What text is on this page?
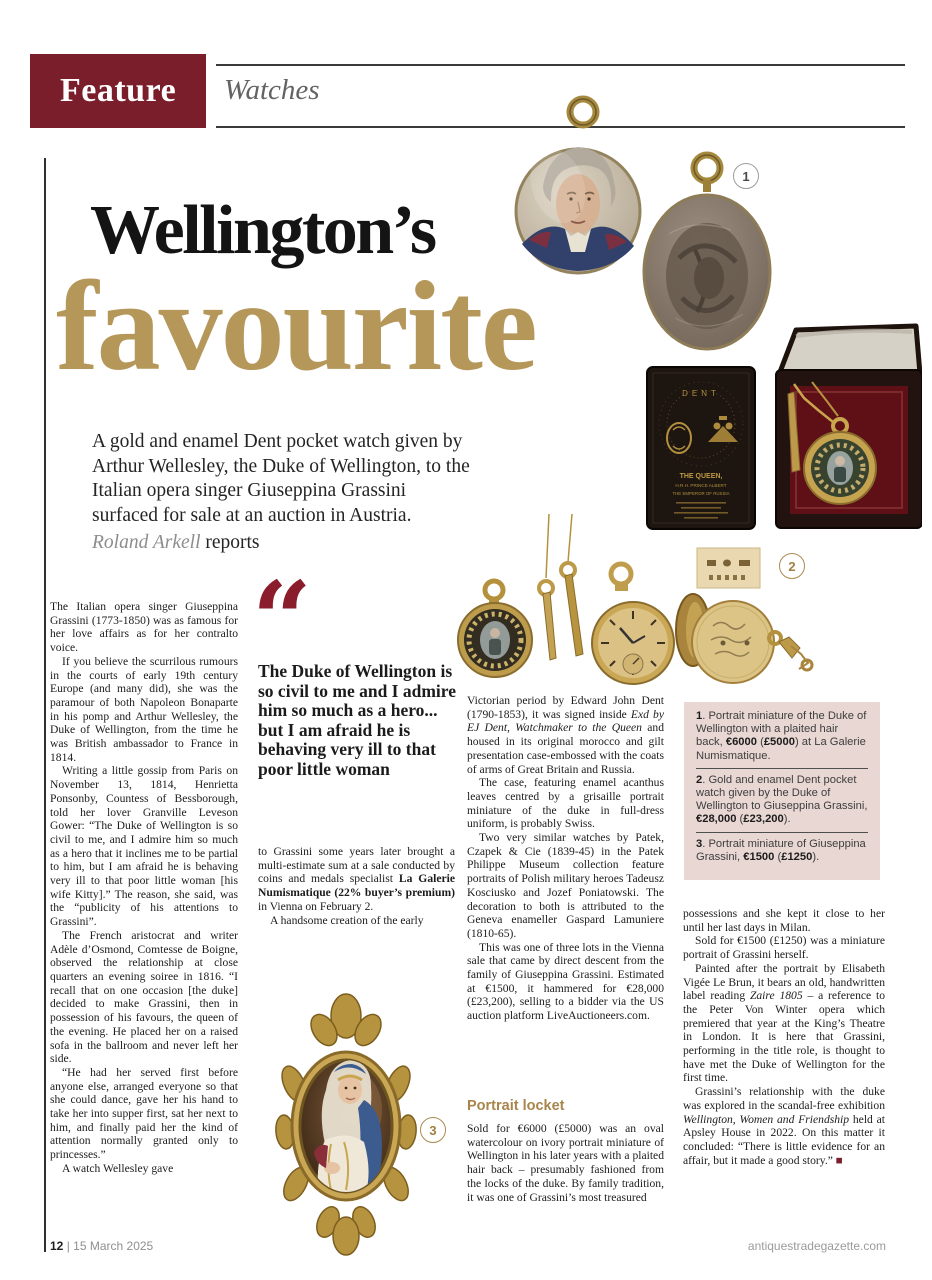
Feature	Watches
Wellington’s
favourite
A gold and enamel Dent pocket watch given by Arthur Wellesley, the Duke of Wellington, to the Italian opera singer Giuseppina Grassini surfaced for sale at an auction in Austria.
Roland Arkell reports
DENT
THE QUEEN,
H.R.H. PRINCE ALBERT
THE EMPEROR OF RUSSIA
1
2
3
“
The Duke of Wellington is so civil to me and I admire him so much as a hero... but I am afraid he is behaving very ill to that poor little woman

The Italian opera singer Giuseppina Grassini (1773-1850) was as famous for her love affairs as for her contralto voice.

If you believe the scurrilous rumours in the courts of early 19th century Europe (and many did), she was the paramour of both Napoleon Bonaparte in his pomp and Arthur Wellesley, the Duke of Wellington, from the time he was British ambassador to France in 1814.

Writing a little gossip from Paris on November 13, 1814, Henrietta Ponsonby, Countess of Bessborough, told her lover Granville Leveson Gower: “The Duke of Wellington is so civil to me, and I admire him so much as a hero that it inclines me to be partial to him, but I am afraid he is behaving very ill to that poor little woman [his wife Kitty].” The reason, she said, was the “publicity of his attentions to Grassini”.

The French aristocrat and writer Adèle d’Osmond, Comtesse de Boigne, observed the relationship at close quarters an evening soiree in 1816. “I recall that on one occasion [the duke] decided to make Grassini, then in possession of his favours, the queen of the evening. He placed her on a raised sofa in the ballroom and never left her side.

“He had her served first before anyone else, arranged everyone so that she could dance, gave her his hand to take her into supper first, sat her next to him, and finally paid her the kind of attention normally granted only to princesses.”

A watch Wellesley gave

to Grassini some years later brought a multi-estimate sum at a sale conducted by coins and medals specialist La Galerie Numismatique (22% buyer’s premium) in Vienna on February 2.

A handsome creation of the early

Victorian period by Edward John Dent (1790-1853), it was signed inside Exd by EJ Dent, Watchmaker to the Queen and housed in its original morocco and gilt presentation case-embossed with the coats of arms of Great Britain and Russia.

The case, featuring enamel acanthus leaves centred by a grisaille portrait miniature of the duke in full-dress uniform, is probably Swiss.

Two very similar watches by Patek, Czapek & Cie (1839-45) in the Patek Philippe Museum collection feature portraits of Polish military heroes Tadeusz Kosciusko and Jozef Poniatowski. The decoration to both is attributed to the Geneva enameller Gaspard Lamuniere (1810-65).

This was one of three lots in the Vienna sale that came by direct descent from the family of Giuseppina Grassini. Estimated at €1500, it hammered for €28,000 (£23,200), selling to a bidder via the US auction platform LiveAuctioneers.com.

Portrait locket

Sold for €6000 (£5000) was an oval watercolour on ivory portrait miniature of Wellington in his later years with a plaited hair back – presumably fashioned from the locks of the duke. By family tradition, it was one of Grassini’s most treasured

possessions and she kept it close to her until her last days in Milan.

Sold for €1500 (£1250) was a miniature portrait of Grassini herself.

Painted after the portrait by Elisabeth Vigée Le Brun, it bears an old, handwritten label reading Zaire 1805 – a reference to the Peter Von Winter opera which premiered that year at the King’s Theatre in London. It is here that Grassini, performing in the title role, is thought to have met the Duke of Wellington for the first time.

Grassini’s relationship with the duke was explored in the scandal-free exhibition Wellington, Women and Friendship held at Apsley House in 2022. On this matter it concluded: “There is little evidence for an affair, but it made a good story.” ■

1. Portrait miniature of the Duke of Wellington with a plaited hair back, €6000 (£5000) at La Galerie Numismatique.
2. Gold and enamel Dent pocket watch given by the Duke of Wellington to Giuseppina Grassini, €28,000 (£23,200).
3. Portrait miniature of Giuseppina Grassini, €1500 (£1250).
12 | 15 March 2025	antiquestradegazette.com
